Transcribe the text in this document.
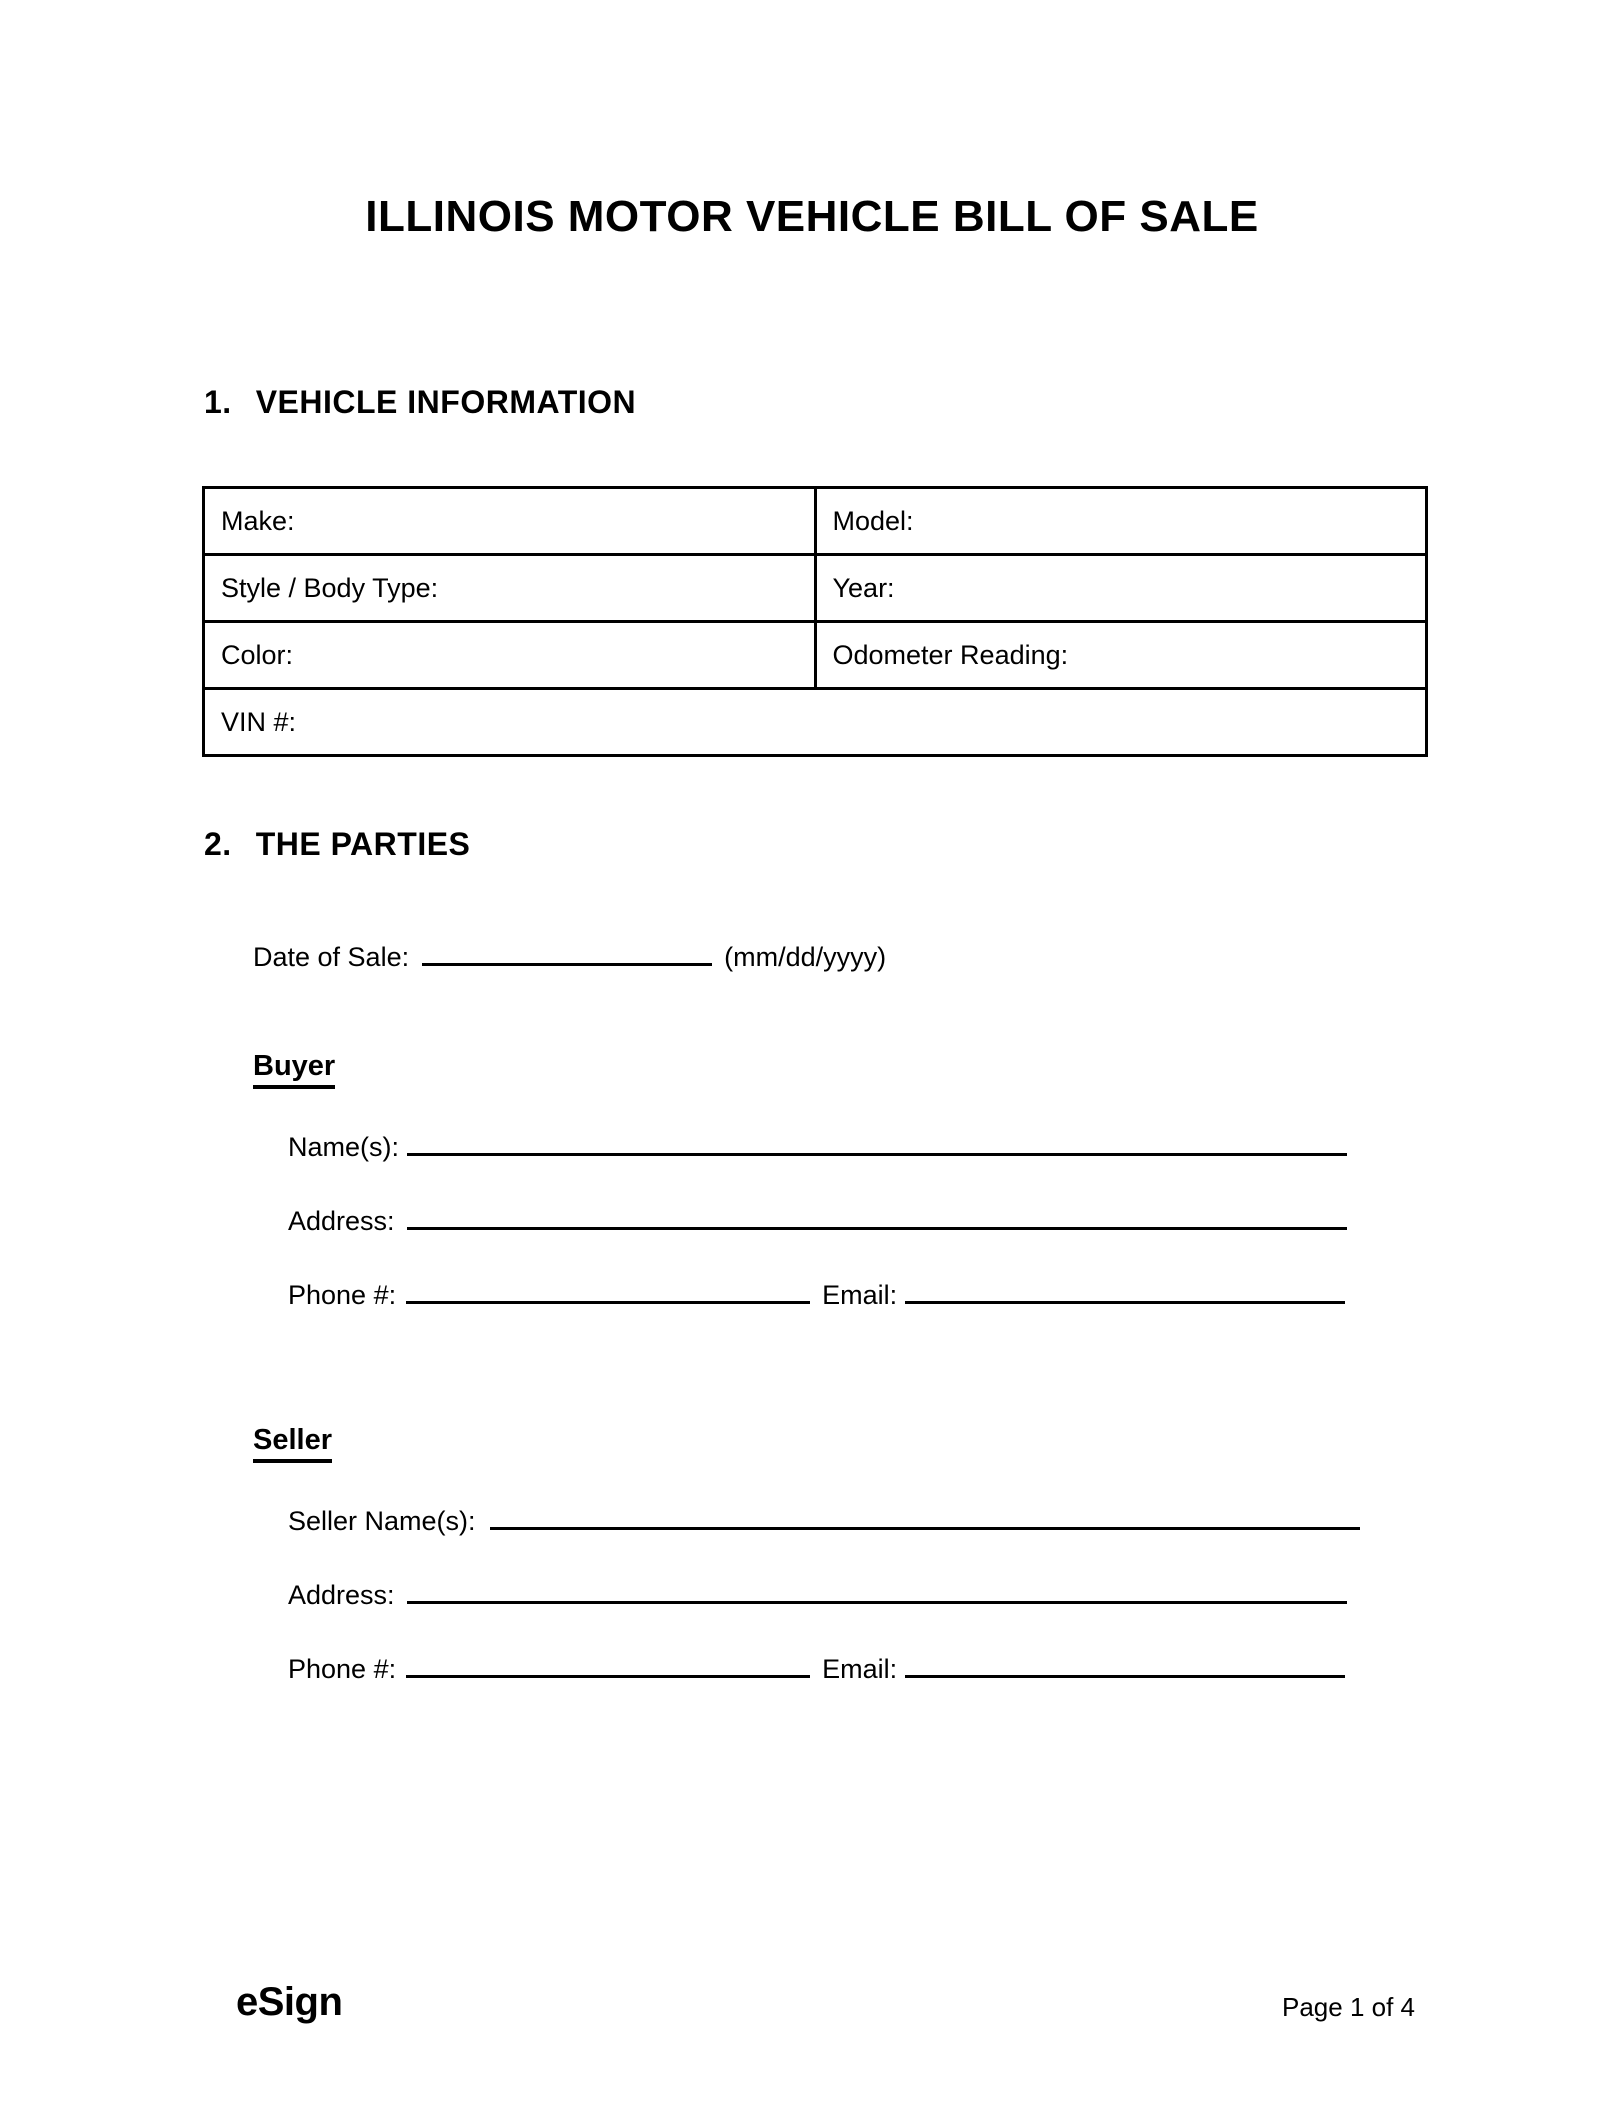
ILLINOIS MOTOR VEHICLE BILL OF SALE
1. VEHICLE INFORMATION
Make:	Model:
Style / Body Type:	Year:
Color:	Odometer Reading:
VIN #:	
2. THE PARTIES
Date of Sale:	(mm/dd/yyyy)
Buyer
Name(s):
Address:
Phone #:	Email:
Seller
Seller Name(s):
Address:
Phone #:	Email:
eSign	Page 1 of 4
